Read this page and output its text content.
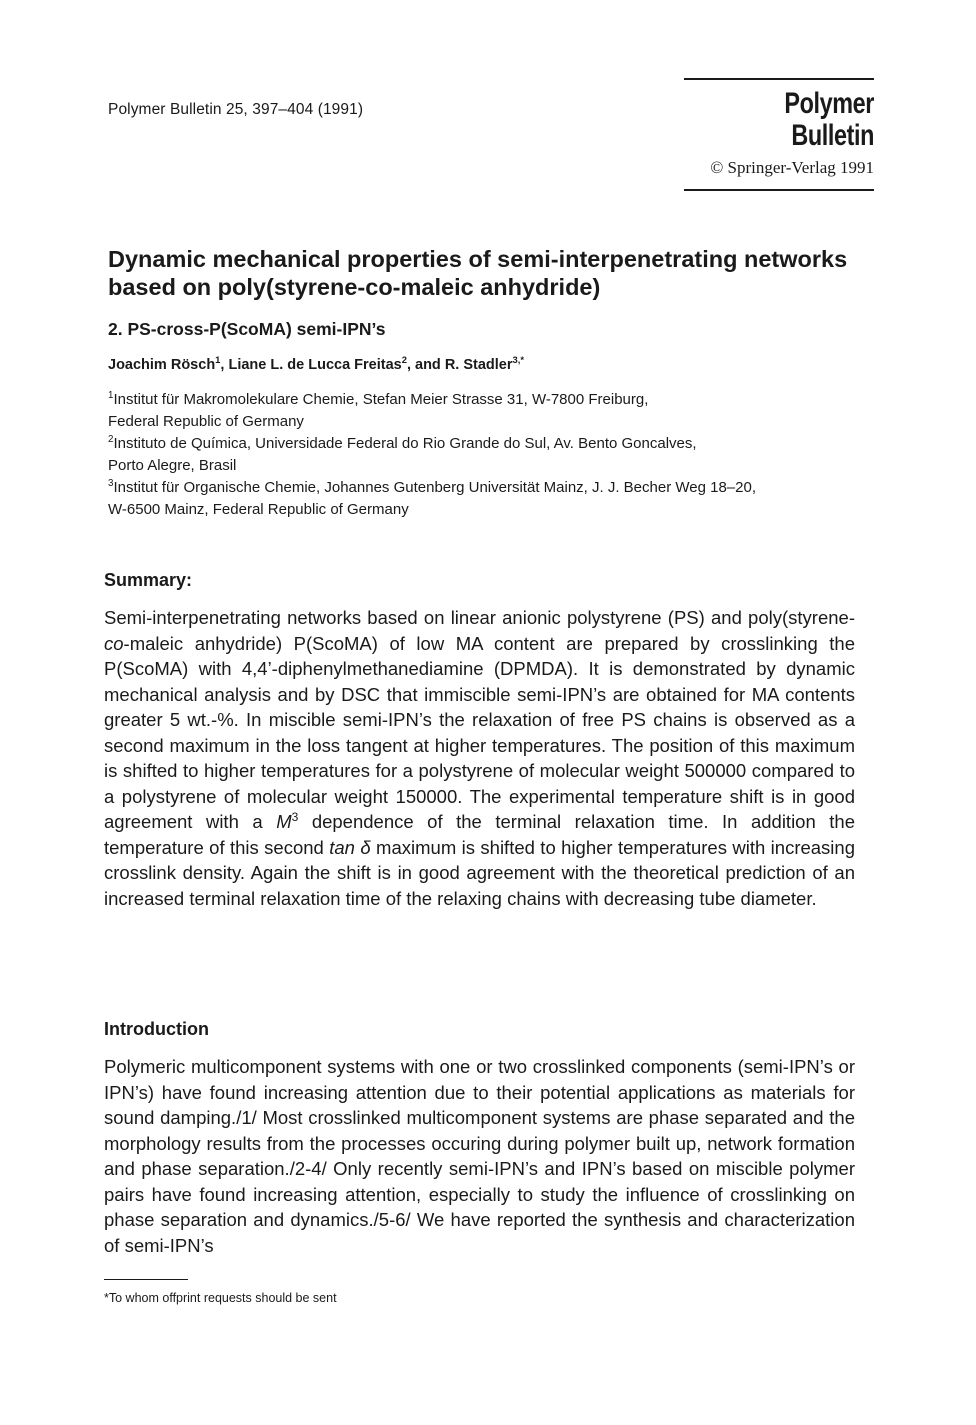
Polymer Bulletin 25, 397–404 (1991)	Polymer Bulletin
© Springer-Verlag 1991
Dynamic mechanical properties of semi-interpenetrating networks based on poly(styrene-co-maleic anhydride)
2. PS-cross-P(ScoMA) semi-IPN’s
Joachim Rösch$^1$, Liane L. de Lucca Freitas$^2$, and R. Stadler$^{3,*}$
$^1$Institut für Makromolekulare Chemie, Stefan Meier Strasse 31, W-7800 Freiburg,
Federal Republic of Germany
$^2$Instituto de Química, Universidade Federal do Rio Grande do Sul, Av. Bento Goncalves,
Porto Alegre, Brasil
$^3$Institut für Organische Chemie, Johannes Gutenberg Universität Mainz, J. J. Becher Weg 18–20,
W-6500 Mainz, Federal Republic of Germany
Summary:

Semi-interpenetrating networks based on linear anionic polystyrene (PS) and poly(styrene-co-maleic anhydride) P(ScoMA) of low MA content are prepared by crosslinking the P(ScoMA) with 4,4’-diphenylmethanediamine (DPMDA). It is demonstrated by dynamic mechanical analysis and by DSC that immiscible semi-IPN’s are obtained for MA contents greater 5 wt.-%. In miscible semi-IPN’s the relaxation of free PS chains is observed as a second maximum in the loss tangent at higher temperatures. The position of this maximum is shifted to higher temperatures for a polystyrene of molecular weight 500000 compared to a polystyrene of molecular weight 150000. The experimental temperature shift is in good agreement with a $M^3$ dependence of the terminal relaxation time. In addition the temperature of this second tan δ maximum is shifted to higher temperatures with increasing crosslink density. Again the shift is in good agreement with the theoretical prediction of an increased terminal relaxation time of the relaxing chains with decreasing tube diameter.

Introduction

Polymeric multicomponent systems with one or two crosslinked components (semi-IPN’s or IPN’s) have found increasing attention due to their potential applications as materials for sound damping./1/ Most crosslinked multicomponent systems are phase separated and the morphology results from the processes occuring during polymer built up, network formation and phase separation./2-4/ Only recently semi-IPN’s and IPN’s based on miscible polymer pairs have found increasing attention, especially to study the influence of crosslinking on phase separation and dynamics./5-6/ We have reported the synthesis and characterization of semi-IPN’s

*To whom offprint requests should be sent
